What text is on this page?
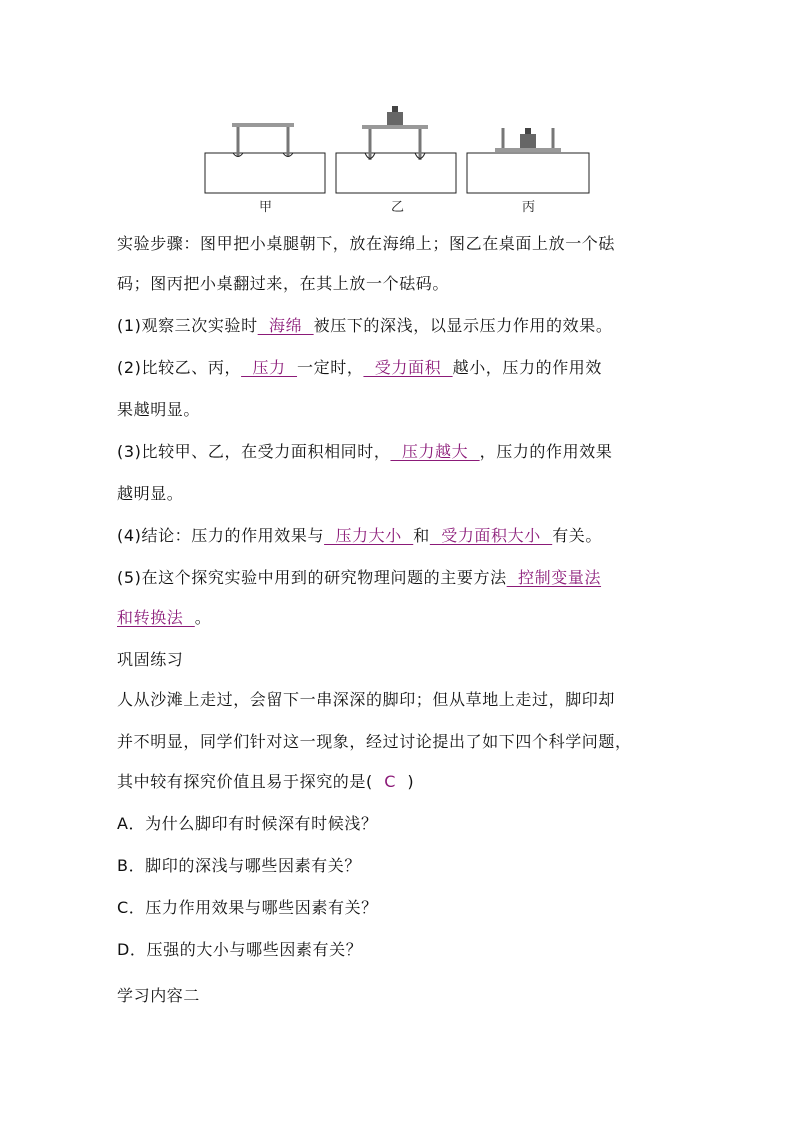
甲	乙	丙
实验步骤：图甲把小桌腿朝下，放在海绵上；图乙在桌面上放一个砝
码；图丙把小桌翻过来，在其上放一个砝码。
(1)观察三次实验时  海绵  被压下的深浅，以显示压力作用的效果。
(2)比较乙、丙，  压力  一定时，  受力面积  越小，压力的作用效
果越明显。
(3)比较甲、乙，在受力面积相同时，  压力越大  ，压力的作用效果
越明显。
(4)结论：压力的作用效果与  压力大小  和  受力面积大小  有关。
(5)在这个探究实验中用到的研究物理问题的主要方法  控制变量法
和转换法  。
巩固练习
人从沙滩上走过，会留下一串深深的脚印；但从草地上走过，脚印却
并不明显，同学们针对这一现象，经过讨论提出了如下四个科学问题，
其中较有探究价值且易于探究的是(  C  )
A．为什么脚印有时候深有时候浅？
B．脚印的深浅与哪些因素有关？
C．压力作用效果与哪些因素有关？
D．压强的大小与哪些因素有关？
学习内容二
